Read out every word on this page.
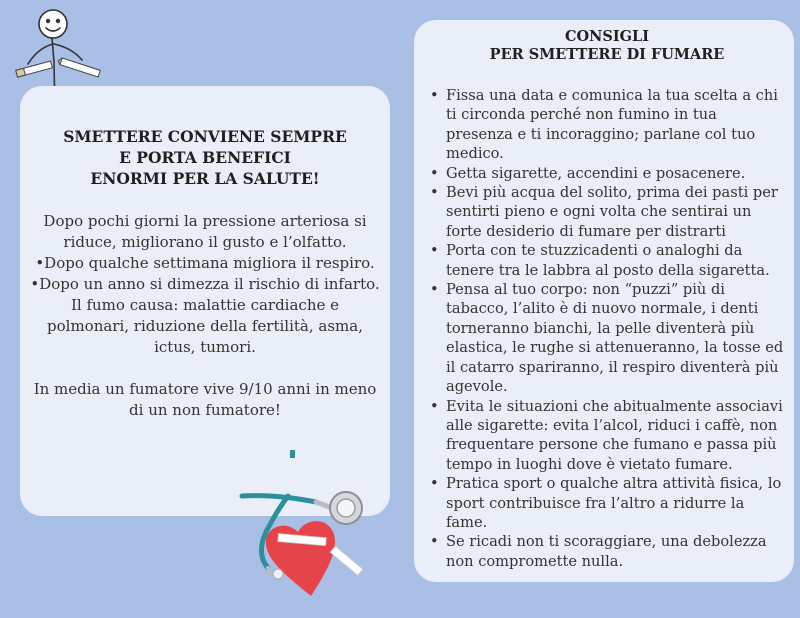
SMETTERE CONVIENE SEMPRE
E PORTA BENEFICI
ENORMI PER LA SALUTE!

Dopo pochi giorni la pressione arteriosa si riduce, migliorano il gusto e l’olfatto.

•Dopo qualche settimana migliora il respiro.

•Dopo un anno si dimezza il rischio di infarto.

Il fumo causa: malattie cardiache e polmonari, riduzione della fertilità, asma, ictus, tumori.

In media un fumatore vive 9/10 anni in meno di un non fumatore!

CONSIGLI
PER SMETTERE DI FUMARE
• Fissa una data e comunica la tua scelta a chi ti circonda perché non fumino in tua presenza e ti incoraggino; parlane col tuo medico.
• Getta sigarette, accendini e posacenere.
• Bevi più acqua del solito, prima dei pasti per sentirti pieno e ogni volta che sentirai un forte desiderio di fumare per distrarti
• Porta con te stuzzicadenti o analoghi da tenere tra le labbra al posto della sigaretta.
• Pensa al tuo corpo: non “puzzi” più di tabacco, l’alito è di nuovo normale, i denti torneranno bianchi, la pelle diventerà più elastica, le rughe si attenueranno, la tosse ed il catarro spariranno, il respiro diventerà più agevole.
• Evita le situazioni che abitualmente associavi alle sigarette: evita l’alcol, riduci i caffè, non frequentare persone che fumano e passa più tempo in luoghi dove è vietato fumare.
• Pratica sport o qualche altra attività fisica, lo sport contribuisce fra l’altro a ridurre la fame.
• Se ricadi non ti scoraggiare, una debolezza non compromette nulla.
